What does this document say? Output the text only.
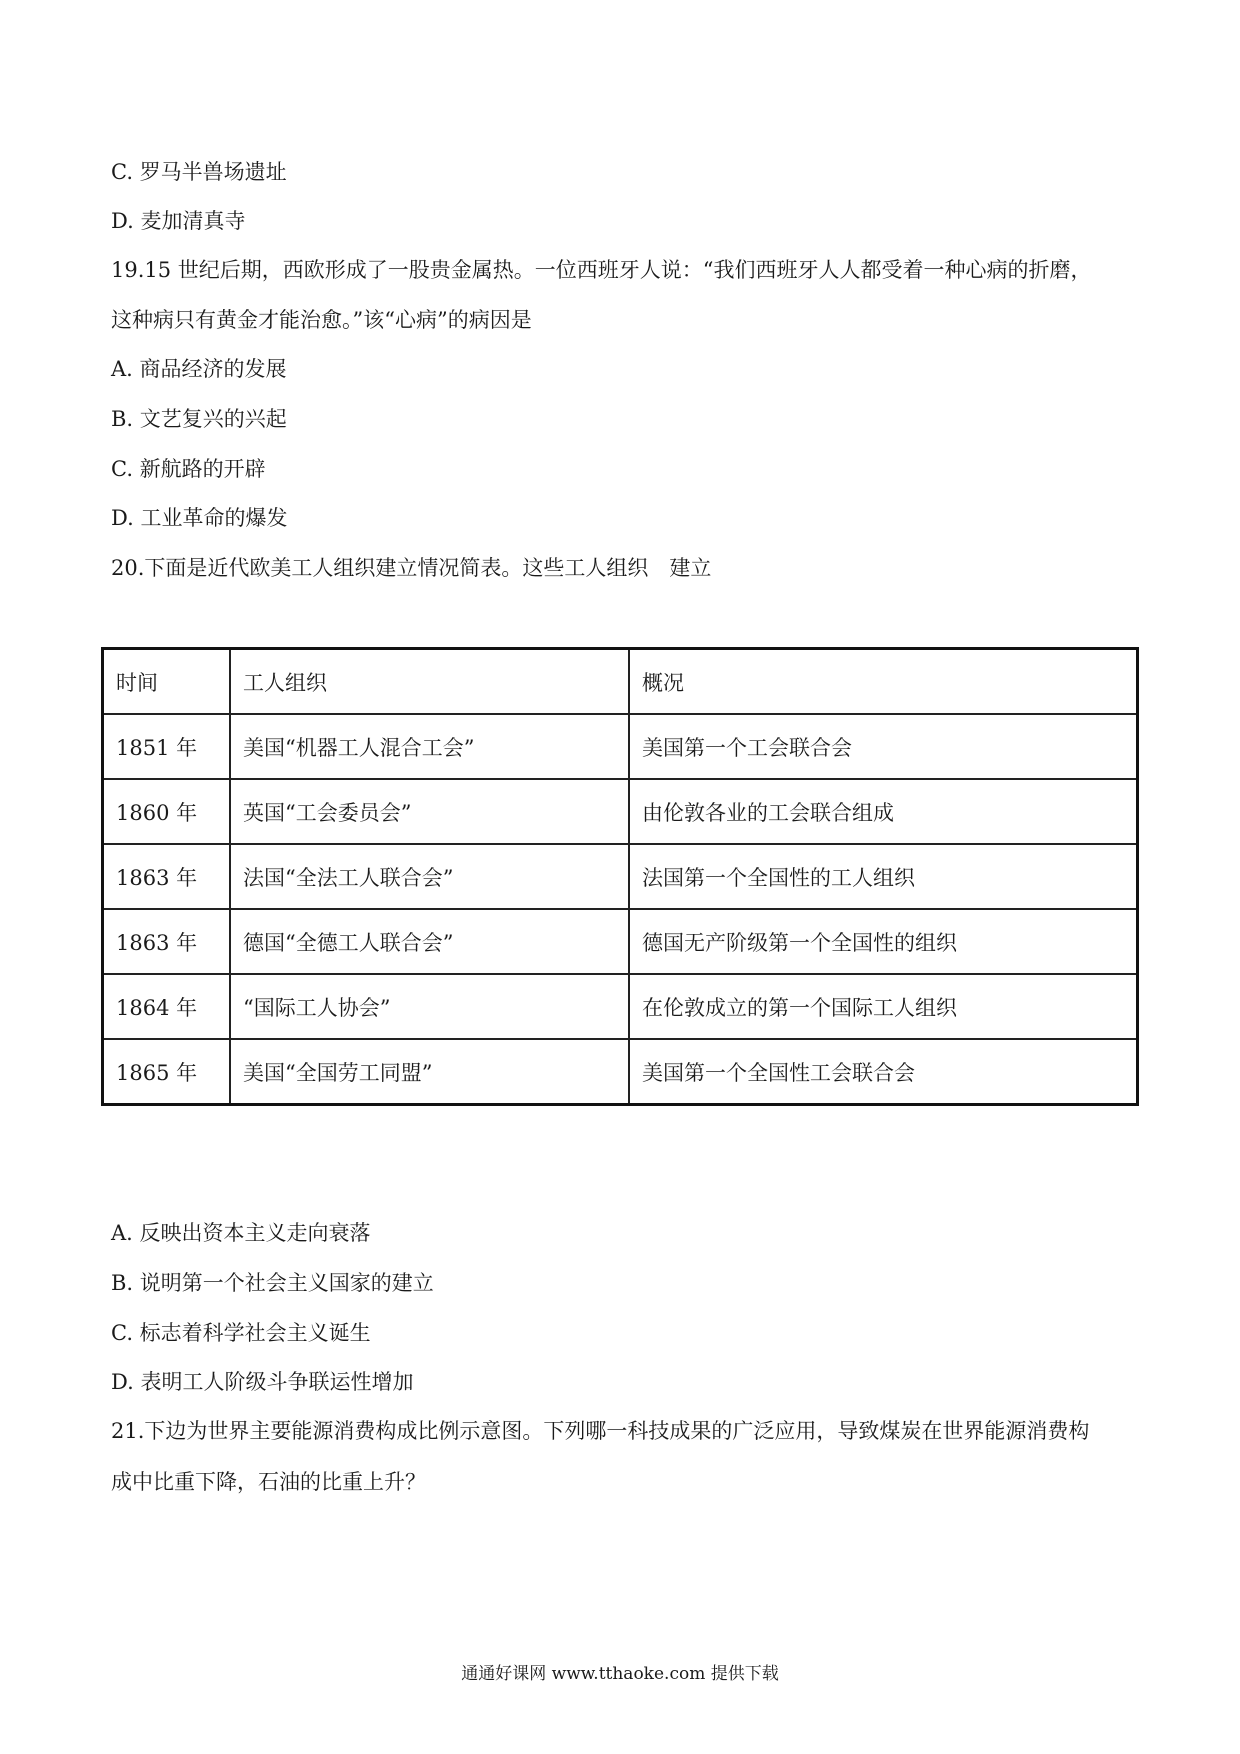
C. 罗马半兽场遗址
D. 麦加清真寺
19.15 世纪后期，西欧形成了一股贵金属热。一位西班牙人说：“我们西班牙人人都受着一种心病的折磨，
这种病只有黄金才能治愈。”该“心病”的病因是
A. 商品经济的发展
B. 文艺复兴的兴起
C. 新航路的开辟
D. 工业革命的爆发
20.下面是近代欧美工人组织建立情况简表。这些工人组织　建立
时间	工人组织	概况
1851 年	美国“机器工人混合工会”	美国第一个工会联合会
1860 年	英国“工会委员会”	由伦敦各业的工会联合组成
1863 年	法国“全法工人联合会”	法国第一个全国性的工人组织
1863 年	德国“全德工人联合会”	德国无产阶级第一个全国性的组织
1864 年	“国际工人协会”	在伦敦成立的第一个国际工人组织
1865 年	美国“全国劳工同盟”	美国第一个全国性工会联合会
A. 反映出资本主义走向衰落
B. 说明第一个社会主义国家的建立
C. 标志着科学社会主义诞生
D. 表明工人阶级斗争联运性增加
21.下边为世界主要能源消费构成比例示意图。下列哪一科技成果的广泛应用，导致煤炭在世界能源消费构
成中比重下降，石油的比重上升？
通通好课网 www.tthaoke.com 提供下载
